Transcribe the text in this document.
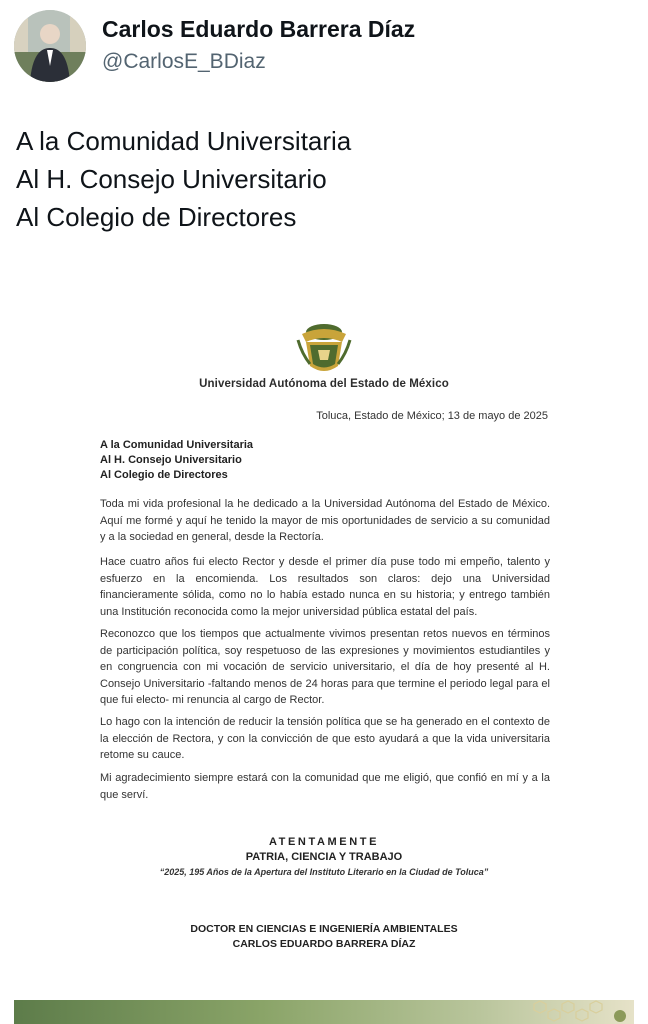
Carlos Eduardo Barrera Díaz
@CarlosE_BDiaz
A la Comunidad Universitaria
Al H. Consejo Universitario
Al Colegio de Directores
Universidad Autónoma del Estado de México
Toluca, Estado de México; 13 de mayo de 2025
A la Comunidad Universitaria
Al H. Consejo Universitario
Al Colegio de Directores
Toda mi vida profesional la he dedicado a la Universidad Autónoma del Estado de México. Aquí me formé y aquí he tenido la mayor de mis oportunidades de servicio a su comunidad y a la sociedad en general, desde la Rectoría.
Hace cuatro años fui electo Rector y desde el primer día puse todo mi empeño, talento y esfuerzo en la encomienda. Los resultados son claros: dejo una Universidad financieramente sólida, como no lo había estado nunca en su historia; y entrego también una Institución reconocida como la mejor universidad pública estatal del país.
Reconozco que los tiempos que actualmente vivimos presentan retos nuevos en términos de participación política, soy respetuoso de las expresiones y movimientos estudiantiles y en congruencia con mi vocación de servicio universitario, el día de hoy presenté al H. Consejo Universitario -faltando menos de 24 horas para que termine el periodo legal para el que fui electo- mi renuncia al cargo de Rector.
Lo hago con la intención de reducir la tensión política que se ha generado en el contexto de la elección de Rectora, y con la convicción de que esto ayudará a que la vida universitaria retome su cauce.
Mi agradecimiento siempre estará con la comunidad que me eligió, que confió en mí y a la que serví.
ATENTAMENTE
PATRIA, CIENCIA Y TRABAJO
“2025, 195 Años de la Apertura del Instituto Literario en la Ciudad de Toluca”
DOCTOR EN CIENCIAS E INGENIERÍA AMBIENTALES
CARLOS EDUARDO BARRERA DÍAZ
